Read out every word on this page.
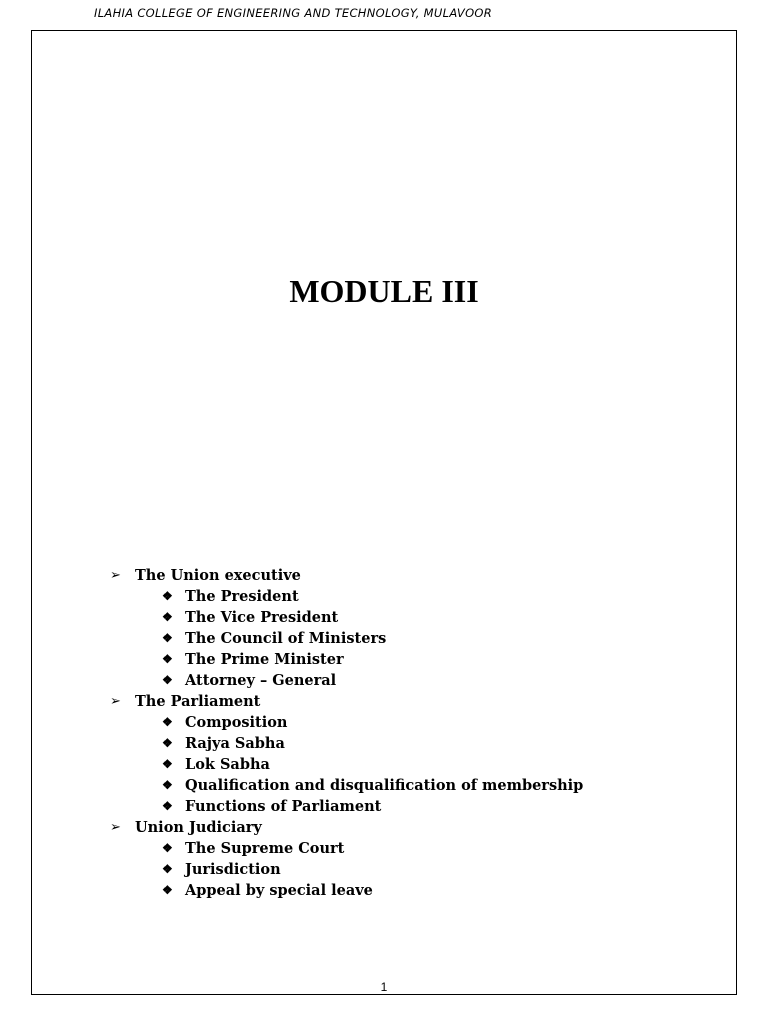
ILAHIA COLLEGE OF ENGINEERING AND TECHNOLOGY, MULAVOOR
MODULE III
➢ The Union executive
❖ The President
❖ The Vice President
❖ The Council of Ministers
❖ The Prime Minister
❖ Attorney – General
➢ The Parliament
❖ Composition
❖ Rajya Sabha
❖ Lok Sabha
❖ Qualification and disqualification of membership
❖ Functions of Parliament
➢ Union Judiciary
❖ The Supreme Court
❖ Jurisdiction
❖ Appeal by special leave
1
